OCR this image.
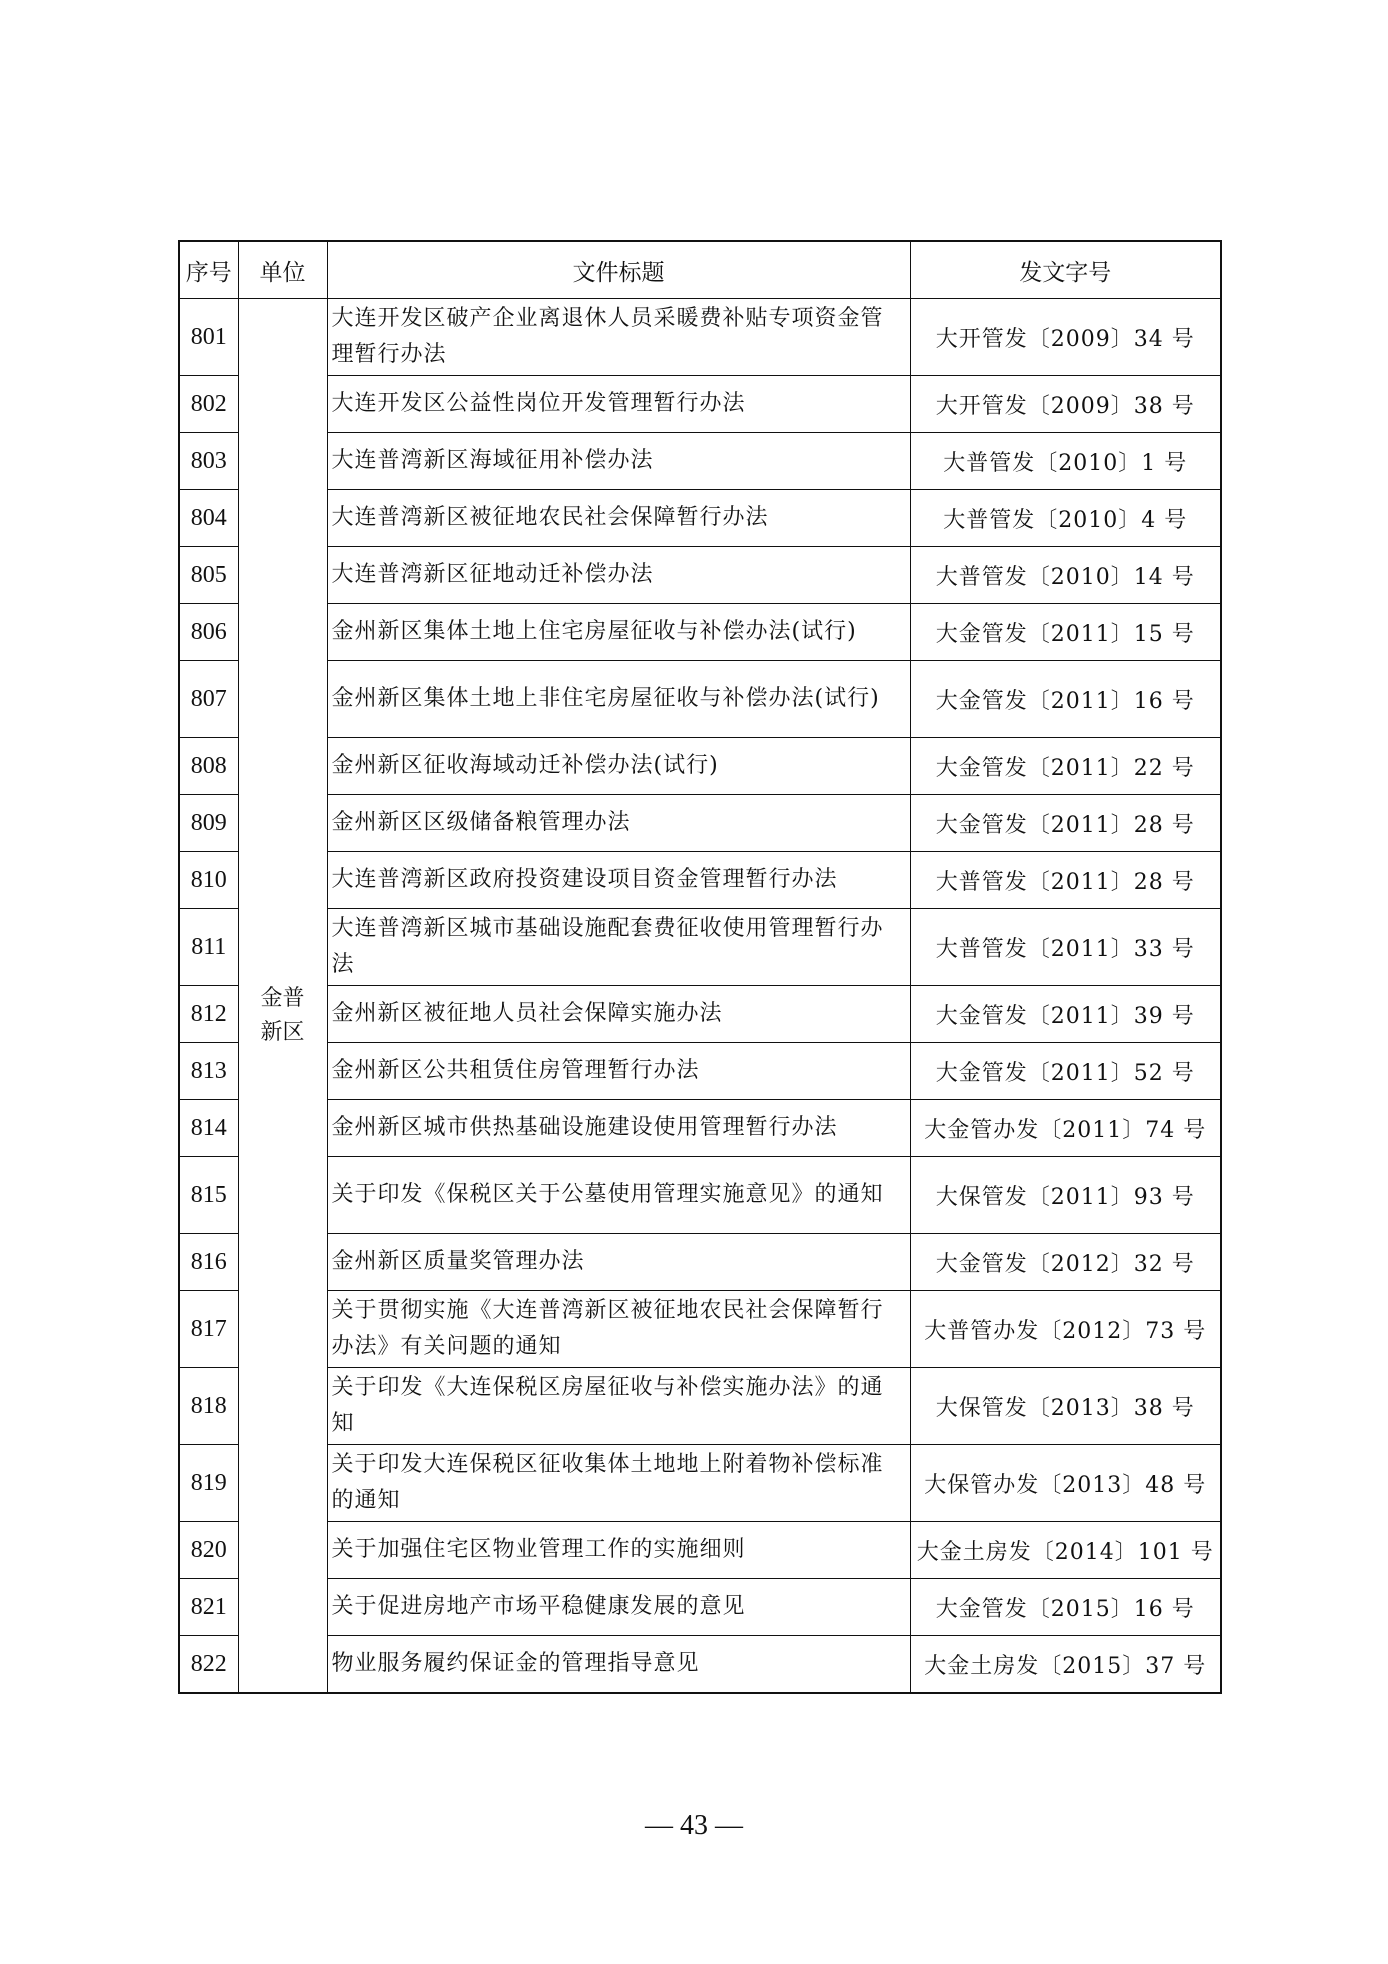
序号	单位	文件标题	发文字号
801	金普新区	大连开发区破产企业离退休人员采暖费补贴专项资金管理暂行办法	大开管发〔2009〕34 号
802		大连开发区公益性岗位开发管理暂行办法	大开管发〔2009〕38 号
803		大连普湾新区海域征用补偿办法	大普管发〔2010〕1 号
804		大连普湾新区被征地农民社会保障暂行办法	大普管发〔2010〕4 号
805		大连普湾新区征地动迁补偿办法	大普管发〔2010〕14 号
806		金州新区集体土地上住宅房屋征收与补偿办法(试行)	大金管发〔2011〕15 号
807		金州新区集体土地上非住宅房屋征收与补偿办法(试行)	大金管发〔2011〕16 号
808		金州新区征收海域动迁补偿办法(试行)	大金管发〔2011〕22 号
809		金州新区区级储备粮管理办法	大金管发〔2011〕28 号
810		大连普湾新区政府投资建设项目资金管理暂行办法	大普管发〔2011〕28 号
811		大连普湾新区城市基础设施配套费征收使用管理暂行办法	大普管发〔2011〕33 号
812		金州新区被征地人员社会保障实施办法	大金管发〔2011〕39 号
813		金州新区公共租赁住房管理暂行办法	大金管发〔2011〕52 号
814		金州新区城市供热基础设施建设使用管理暂行办法	大金管办发〔2011〕74 号
815		关于印发《保税区关于公墓使用管理实施意见》的通知	大保管发〔2011〕93 号
816		金州新区质量奖管理办法	大金管发〔2012〕32 号
817		关于贯彻实施《大连普湾新区被征地农民社会保障暂行办法》有关问题的通知	大普管办发〔2012〕73 号
818		关于印发《大连保税区房屋征收与补偿实施办法》的通知	大保管发〔2013〕38 号
819		关于印发大连保税区征收集体土地地上附着物补偿标准的通知	大保管办发〔2013〕48 号
820		关于加强住宅区物业管理工作的实施细则	大金土房发〔2014〕101 号
821		关于促进房地产市场平稳健康发展的意见	大金管发〔2015〕16 号
822		物业服务履约保证金的管理指导意见	大金土房发〔2015〕37 号
— 43 —
